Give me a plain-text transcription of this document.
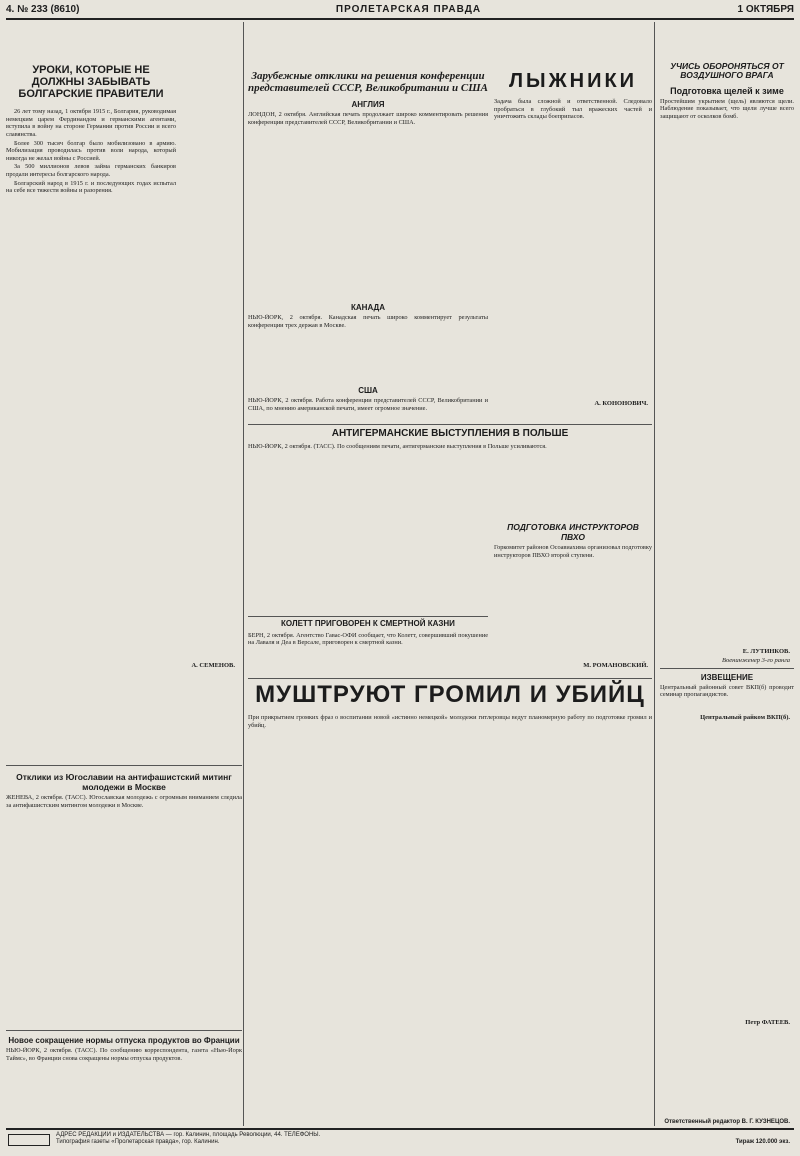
4. № 233 (8610)	ПРОЛЕТАРСКАЯ ПРАВДА	1 ОКТЯБРЯ
УРОКИ, КОТОРЫЕ НЕ ДОЛЖНЫ ЗАБЫВАТЬ БОЛГАРСКИЕ ПРАВИТЕЛИ

26 лет тому назад, 1 октября 1915 г., Болгария, руководимая немецким царем Фердинандом и германскими агентами, вступила в войну на стороне Германии против России и всего славянства.

Более 300 тысяч болгар было мобилизовано в армию. Мобилизация проводилась против воли народа, который никогда не желал войны с Россией.

За 500 миллионов левов займа германских банкиров продали интересы болгарского народа.

Болгарский народ в 1915 г. и последующих годах испытал на себе все тяжести войны и разорения.

А. СЕМЕНОВ.
Отклики из Югославии на антифашистский митинг молодежи в Москве
ЖЕНЕВА, 2 октября. (ТАСС). Югославская молодежь с огромным вниманием следила за антифашистским митингом молодежи в Москве.
Новое сокращение нормы отпуска продуктов во Франции
НЬЮ-ЙОРК, 2 октября. (ТАСС). По сообщению корреспондента, газета «Нью-Йорк Таймс», во Франции снова сокращены нормы отпуска продуктов.
Зарубежные отклики на решения конференции представителей СССР, Великобритании и США
АНГЛИЯ
ЛОНДОН, 2 октября. Английская печать продолжает широко комментировать решения конференции представителей СССР, Великобритании и США.
КАНАДА
НЬЮ-ЙОРК, 2 октября. Канадская печать широко комментирует результаты конференции трех держав в Москве.
США
НЬЮ-ЙОРК, 2 октября. Работа конференции представителей СССР, Великобритании и США, по мнению американской печати, имеет огромное значение.
АНТИГЕРМАНСКИЕ ВЫСТУПЛЕНИЯ В ПОЛЬШЕ
НЬЮ-ЙОРК, 2 октября. (ТАСС). По сообщениям печати, антигерманские выступления в Польше усиливаются.
КОЛЕТТ ПРИГОВОРЕН К СМЕРТНОЙ КАЗНИ
БЕРН, 2 октября. Агентство Гавас-ОФИ сообщает, что Колетт, совершивший покушение на Лаваля и Деа в Версале, приговорен к смертной казни.
МУШТРУЮТ ГРОМИЛ И УБИЙЦ
При прикрытием громких фраз о воспитании новой «истинно немецкой» молодежи гитлеровцы ведут планомерную работу по подготовке громил и убийц.
ЛЫЖНИКИ
Задача была сложной и ответственной. Следовало пробраться в глубокий тыл вражеских частей и уничтожить склады боеприпасов.
А. КОНОНОВИЧ.
ПОДГОТОВКА ИНСТРУКТОРОВ ПВХО
Горкомитет районов Осоавиахима организовал подготовку инструкторов ПВХО второй ступени.
М. РОМАНОВСКИЙ.
УЧИСЬ ОБОРОНЯТЬСЯ ОТ ВОЗДУШНОГО ВРАГА
Подготовка щелей к зиме
Простейшим укрытием (щель) являются щели. Наблюдение показывает, что щели лучше всего защищают от осколков бомб.
Е. ЛУТИНКОВ.
Военинженер 3-го ранга
ИЗВЕЩЕНИЕ
Центральный районный совет ВКП(б) проводит семинар пропагандистов.
Центральный райком ВКП(б).
Петр ФАТЕЕВ.
Ответственный редактор В. Г. КУЗНЕЦОВ.
АДРЕС РЕДАКЦИИ и ИЗДАТЕЛЬСТВА — гор. Калинин, площадь Революции, 44. ТЕЛЕФОНЫ.
Типография газеты «Пролетарская правда», гор. Калинин.	Тираж 120.000 экз.
